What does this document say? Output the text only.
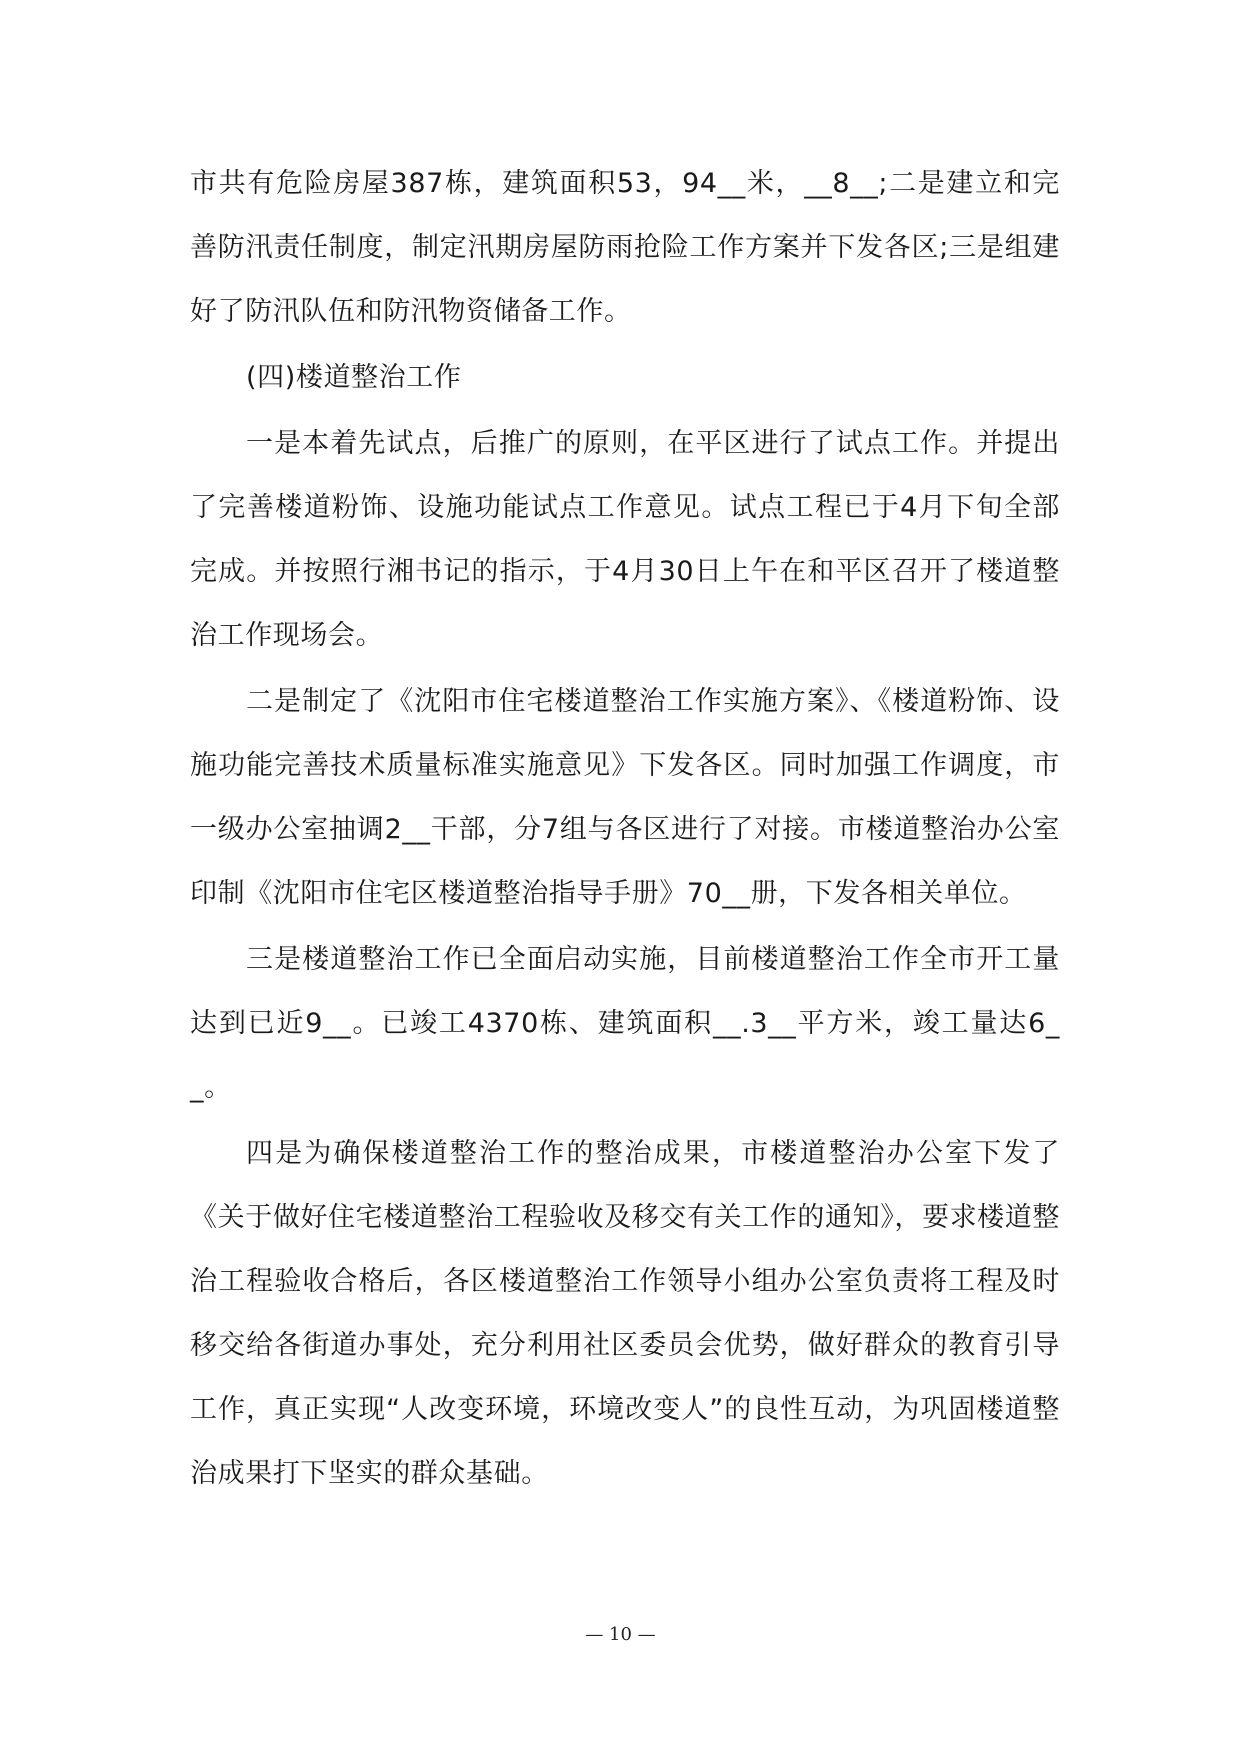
市共有危险房屋387栋，建筑面积53，94__米，__8__;二是建立和完善防汛责任制度，制定汛期房屋防雨抢险工作方案并下发各区;三是组建好了防汛队伍和防汛物资储备工作。

(四)楼道整治工作

一是本着先试点，后推广的原则，在平区进行了试点工作。并提出了完善楼道粉饰、设施功能试点工作意见。试点工程已于4月下旬全部完成。并按照行湘书记的指示，于4月30日上午在和平区召开了楼道整治工作现场会。

二是制定了《沈阳市住宅楼道整治工作实施方案》、《楼道粉饰、设施功能完善技术质量标准实施意见》下发各区。同时加强工作调度，市一级办公室抽调2__干部，分7组与各区进行了对接。市楼道整治办公室印制《沈阳市住宅区楼道整治指导手册》70__册，下发各相关单位。

三是楼道整治工作已全面启动实施，目前楼道整治工作全市开工量达到已近9__。已竣工4370栋、建筑面积__.3__平方米，竣工量达6__。

四是为确保楼道整治工作的整治成果，市楼道整治办公室下发了《关于做好住宅楼道整治工程验收及移交有关工作的通知》，要求楼道整治工程验收合格后，各区楼道整治工作领导小组办公室负责将工程及时移交给各街道办事处，充分利用社区委员会优势，做好群众的教育引导工作，真正实现“人改变环境，环境改变人”的良性互动，为巩固楼道整治成果打下坚实的群众基础。

— 10 —
